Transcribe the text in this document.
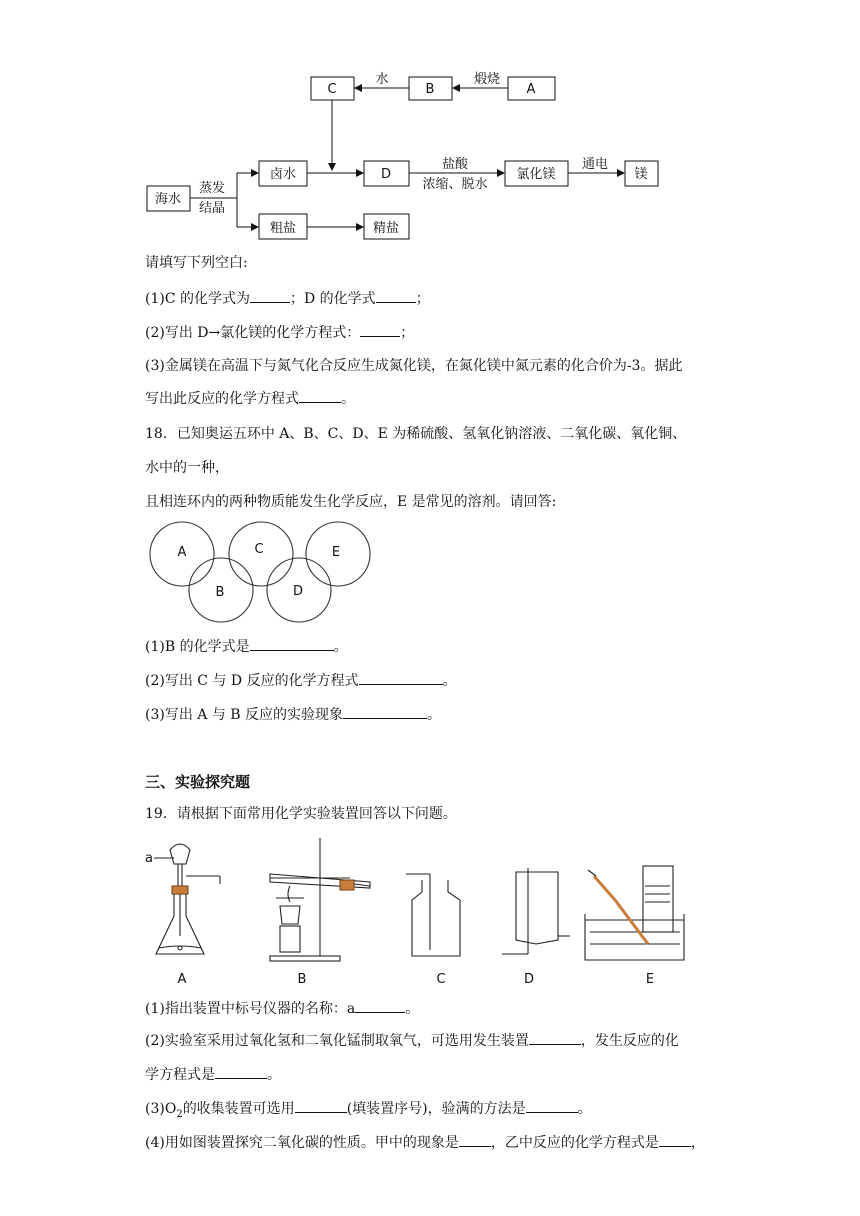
C	B	A
海水
卤水
粗盐
D
精盐
氯化镁	镁
煅烧
水
蒸发
结晶
盐酸
浓缩、脱水
通电
请填写下列空白:
(1)C 的化学式为	；D 的化学式	；
(2)写出 D→氯化镁的化学方程式：	；
(3)金属镁在高温下与氮气化合反应生成氮化镁，在氮化镁中氮元素的化合价为-3。据此
写出此反应的化学方程式	。
18．已知奥运五环中 A、B、C、D、E 为稀硫酸、氢氧化钠溶液、二氧化碳、氧化铜、
水中的一种，
且相连环内的两种物质能发生化学反应，E 是常见的溶剂。请回答:
A	C	E
B	D
(1)B 的化学式是	。
(2)写出 C 与 D 反应的化学方程式	。
(3)写出 A 与 B 反应的实验现象	。
三、实验探究题
19．请根据下面常用化学实验装置回答以下问题。
a
A	B	C	D	E
(1)指出装置中标号仪器的名称：a	。
(2)实验室采用过氧化氢和二氧化锰制取氧气，可选用发生装置	，发生反应的化
学方程式是	。
$(3)O_2$的收集装置可选用	(填装置序号)，验满的方法是	。
(4)用如图装置探究二氧化碳的性质。甲中的现象是 ，乙中反应的化学方程式是 ，
